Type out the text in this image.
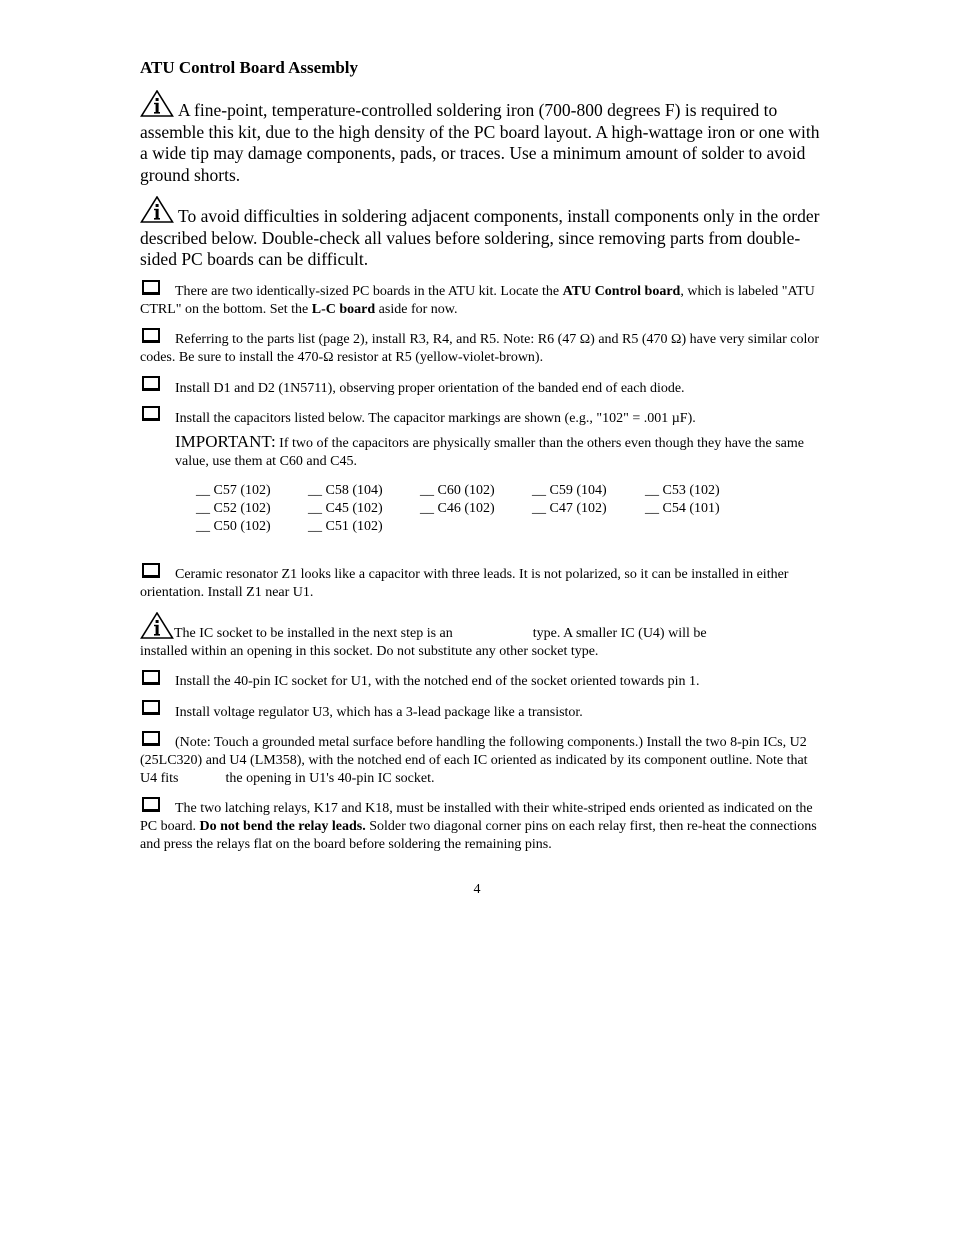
ATU Control Board Assembly
A fine-point, temperature-controlled soldering iron (700-800 degrees F) is required to assemble this kit, due to the high density of the PC board layout. A high-wattage iron or one with a wide tip may damage components, pads, or traces. Use a minimum amount of solder to avoid ground shorts.
To avoid difficulties in soldering adjacent components, install components only in the order described below. Double-check all values before soldering, since removing parts from double-sided PC boards can be difficult.
There are two identically-sized PC boards in the ATU kit. Locate the ATU Control board, which is labeled "ATU CTRL" on the bottom. Set the L-C board aside for now.
Referring to the parts list (page 2), install R3, R4, and R5. Note: R6 (47 Ω) and R5 (470 Ω) have very similar color codes. Be sure to install the 470-Ω resistor at R5 (yellow-violet-brown).
Install D1 and D2 (1N5711), observing proper orientation of the banded end of each diode.
Install the capacitors listed below. The capacitor markings are shown (e.g., "102" = .001 µF).
IMPORTANT: If two of the capacitors are physically smaller than the others even though they have the same value, use them at C60 and C45.
__ C57 (102)	__ C58 (104)	__ C60 (102)	__ C59 (104)	__ C53 (102)
__ C52 (102)	__ C45 (102)	__ C46 (102)	__ C47 (102)	__ C54 (101)
__ C50 (102)	__ C51 (102)
Ceramic resonator Z1 looks like a capacitor with three leads. It is not polarized, so it can be installed in either orientation. Install Z1 near U1.
The IC socket to be installed in the next step is an	type. A smaller IC (U4) will be
installed within an opening in this socket. Do not substitute any other socket type.
Install the 40-pin IC socket for U1, with the notched end of the socket oriented towards pin 1.
Install voltage regulator U3, which has a 3-lead package like a transistor.
(Note: Touch a grounded metal surface before handling the following components.) Install the two 8-pin ICs, U2 (25LC320) and U4 (LM358), with the notched end of each IC oriented as indicated by its component outline. Note that U4 fits	the opening in U1's 40-pin IC socket.
The two latching relays, K17 and K18, must be installed with their white-striped ends oriented as indicated on the PC board. Do not bend the relay leads. Solder two diagonal corner pins on each relay first, then re-heat the connections and press the relays flat on the board before soldering the remaining pins.
4
